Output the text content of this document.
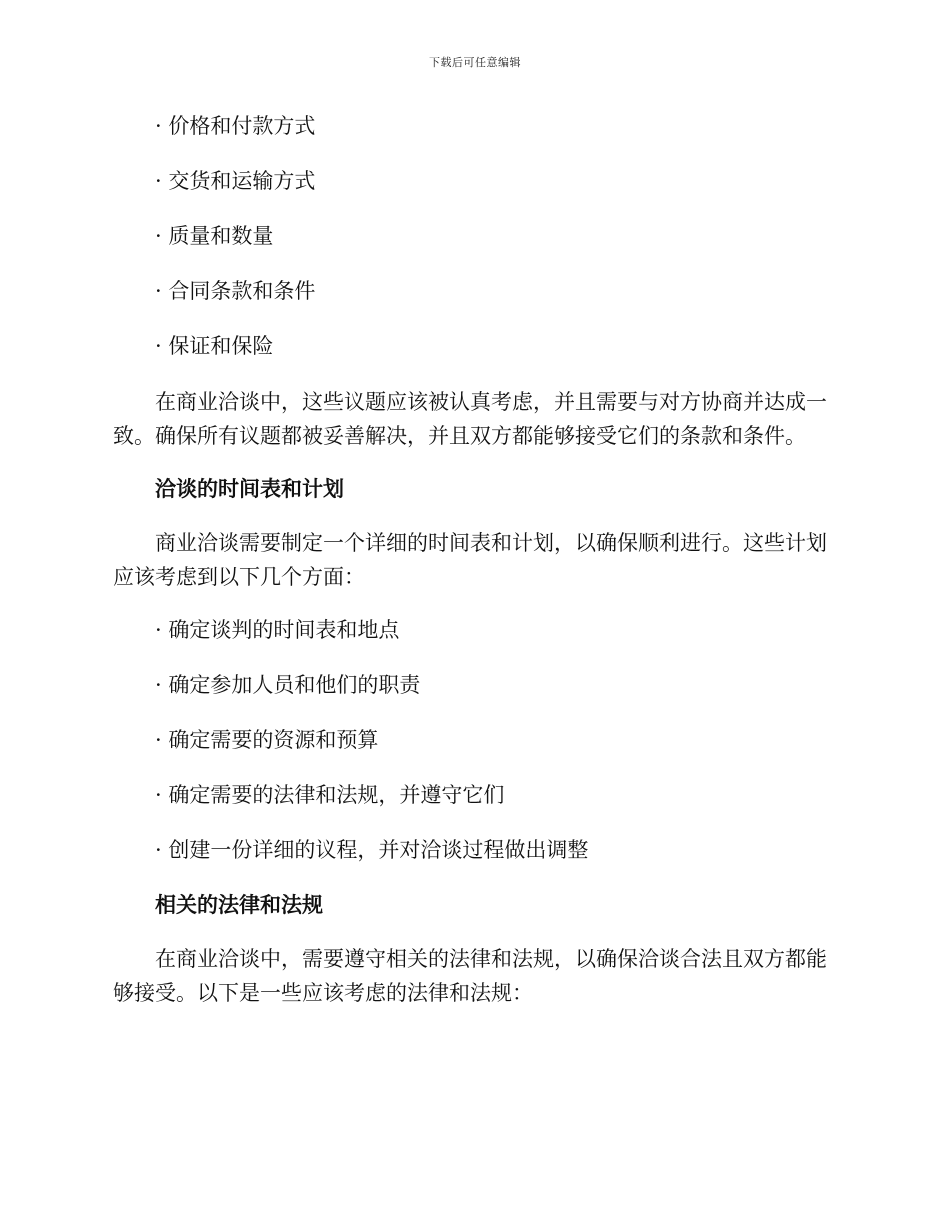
下载后可任意编辑
· 价格和付款方式
· 交货和运输方式
· 质量和数量
· 合同条款和条件
· 保证和保险

在商业洽谈中，这些议题应该被认真考虑，并且需要与对方协商并达成一致。确保所有议题都被妥善解决，并且双方都能够接受它们的条款和条件。

洽谈的时间表和计划

商业洽谈需要制定一个详细的时间表和计划，以确保顺利进行。这些计划应该考虑到以下几个方面：

· 确定谈判的时间表和地点
· 确定参加人员和他们的职责
· 确定需要的资源和预算
· 确定需要的法律和法规，并遵守它们
· 创建一份详细的议程，并对洽谈过程做出调整
相关的法律和法规

在商业洽谈中，需要遵守相关的法律和法规，以确保洽谈合法且双方都能够接受。以下是一些应该考虑的法律和法规：
